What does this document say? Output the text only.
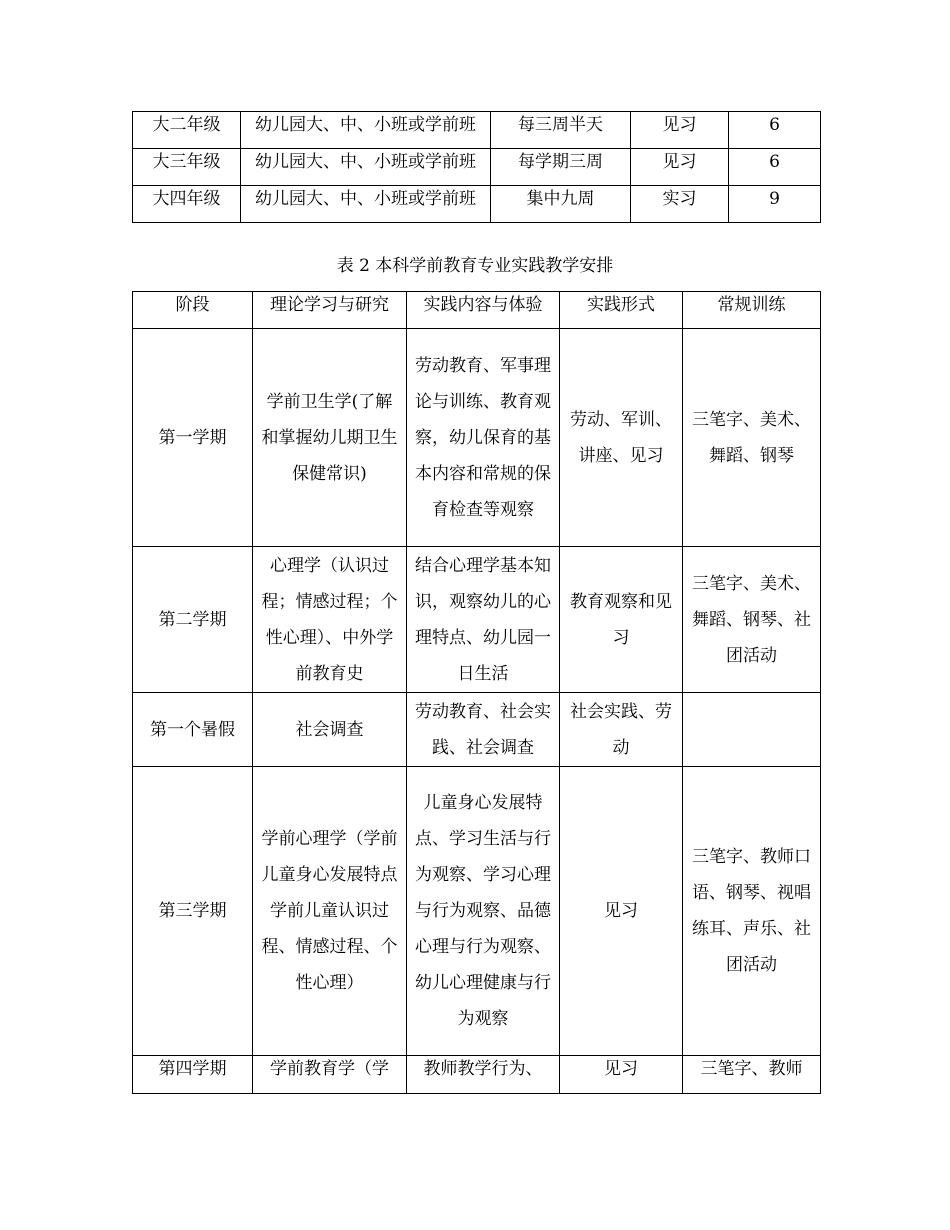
大二年级	幼儿园大、中、小班或学前班	每三周半天	见习	6
大三年级	幼儿园大、中、小班或学前班	每学期三周	见习	6
大四年级	幼儿园大、中、小班或学前班	集中九周	实习	9
表 2 本科学前教育专业实践教学安排
阶段	理论学习与研究	实践内容与体验	实践形式	常规训练
第一学期	学前卫生学(了解和掌握幼儿期卫生保健常识)	劳动教育、军事理论与训练、教育观察，幼儿保育的基本内容和常规的保育检查等观察	劳动、军训、讲座、见习	三笔字、美术、舞蹈、钢琴
第二学期	心理学（认识过程；情感过程；个性心理）、中外学前教育史	结合心理学基本知识，观察幼儿的心理特点、幼儿园一日生活	教育观察和见习	三笔字、美术、舞蹈、钢琴、社团活动
第一个暑假	社会调查	劳动教育、社会实践、社会调查	社会实践、劳动	
第三学期	学前心理学（学前儿童身心发展特点学前儿童认识过程、情感过程、个性心理）	儿童身心发展特点、学习生活与行为观察、学习心理与行为观察、品德心理与行为观察、幼儿心理健康与行为观察	见习	三笔字、教师口语、钢琴、视唱练耳、声乐、社团活动
第四学期	学前教育学（学	教师教学行为、	见习	三笔字、教师
